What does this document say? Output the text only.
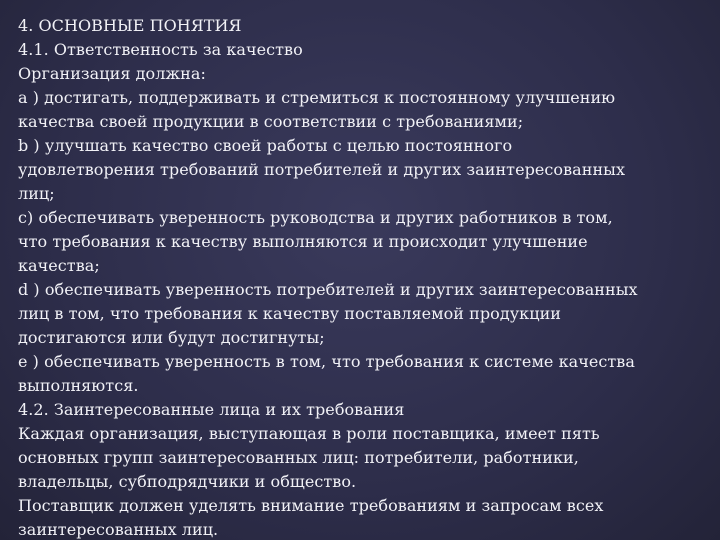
4. ОСНОВНЫЕ ПОНЯТИЯ
4.1. Ответственность за качество
Организация должна:
a ) достигать, поддерживать и стремиться к постоянному улучшению
качества своей продукции в соответствии с требованиями;
b ) улучшать качество своей работы с целью постоянного
удовлетворения требований потребителей и других заинтересованных
лиц;
c) обеспечивать уверенность руководства и других работников в том,
что требования к качеству выполняются и происходит улучшение
качества;
d ) обеспечивать уверенность потребителей и других заинтересованных
лиц в том, что требования к качеству поставляемой продукции
достигаются или будут достигнуты;
e ) обеспечивать уверенность в том, что требования к системе качества
выполняются.
4.2. Заинтересованные лица и их требования
Каждая организация, выступающая в роли поставщика, имеет пять
основных групп заинтересованных лиц: потребители, работники,
владельцы, субподрядчики и общество.
Поставщик должен уделять внимание требованиям и запросам всех
заинтересованных лиц.
